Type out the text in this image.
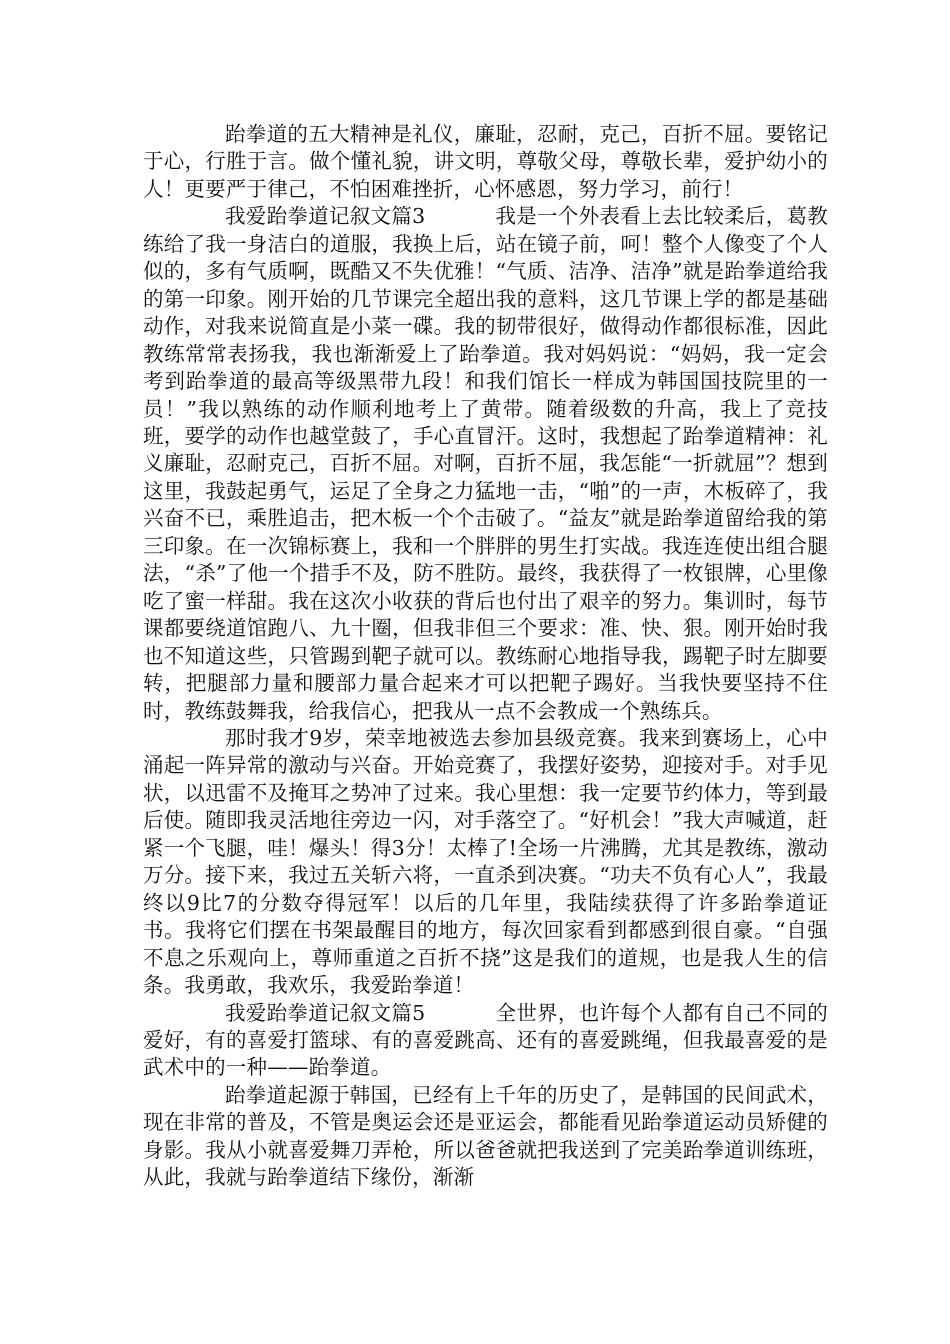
跆拳道的五大精神是礼仪，廉耻，忍耐，克己，百折不屈。要铭记于心，行胜于言。做个懂礼貌，讲文明，尊敬父母，尊敬长辈，爱护幼小的人！更要严于律己，不怕困难挫折，心怀感恩，努力学习，前行！

我爱跆拳道记叙文篇3	我是一个外表看上去比较柔后，葛教练给了我一身洁白的道服，我换上后，站在镜子前，呵！整个人像变了个人似的，多有气质啊，既酷又不失优雅！“气质、洁净、洁净”就是跆拳道给我的第一印象。刚开始的几节课完全超出我的意料，这几节课上学的都是基础动作，对我来说简直是小菜一碟。我的韧带很好，做得动作都很标准，因此教练常常表扬我，我也渐渐爱上了跆拳道。我对妈妈说：“妈妈，我一定会考到跆拳道的最高等级黑带九段！和我们馆长一样成为韩国国技院里的一员！”我以熟练的动作顺利地考上了黄带。随着级数的升高，我上了竞技班，要学的动作也越堂鼓了，手心直冒汗。这时，我想起了跆拳道精神：礼义廉耻，忍耐克己，百折不屈。对啊，百折不屈，我怎能“一折就屈”？想到这里，我鼓起勇气，运足了全身之力猛地一击，“啪”的一声，木板碎了，我兴奋不已，乘胜追击，把木板一个个击破了。“益友”就是跆拳道留给我的第三印象。在一次锦标赛上，我和一个胖胖的男生打实战。我连连使出组合腿法，“杀”了他一个措手不及，防不胜防。最终，我获得了一枚银牌，心里像吃了蜜一样甜。我在这次小收获的背后也付出了艰辛的努力。集训时，每节课都要绕道馆跑八、九十圈，但我非但三个要求：准、快、狠。刚开始时我也不知道这些，只管踢到靶子就可以。教练耐心地指导我，踢靶子时左脚要转，把腿部力量和腰部力量合起来才可以把靶子踢好。当我快要坚持不住时，教练鼓舞我，给我信心，把我从一点不会教成一个熟练兵。

那时我才9岁，荣幸地被选去参加县级竞赛。我来到赛场上，心中涌起一阵异常的激动与兴奋。开始竞赛了，我摆好姿势，迎接对手。对手见状，以迅雷不及掩耳之势冲了过来。我心里想：我一定要节约体力，等到最后使。随即我灵活地往旁边一闪，对手落空了。“好机会！”我大声喊道，赶紧一个飞腿，哇！爆头！得3分！太棒了!全场一片沸腾，尤其是教练，激动万分。接下来，我过五关斩六将，一直杀到决赛。“功夫不负有心人”，我最终以9比7的分数夺得冠军！以后的几年里，我陆续获得了许多跆拳道证书。我将它们摆在书架最醒目的地方，每次回家看到都感到很自豪。“自强不息之乐观向上，尊师重道之百折不挠”这是我们的道规，也是我人生的信条。我勇敢，我欢乐，我爱跆拳道！

我爱跆拳道记叙文篇5	全世界，也许每个人都有自己不同的爱好，有的喜爱打篮球、有的喜爱跳高、还有的喜爱跳绳，但我最喜爱的是武术中的一种——跆拳道。

跆拳道起源于韩国，已经有上千年的历史了，是韩国的民间武术，现在非常的普及，不管是奥运会还是亚运会，都能看见跆拳道运动员矫健的身影。我从小就喜爱舞刀弄枪，所以爸爸就把我送到了完美跆拳道训练班，从此，我就与跆拳道结下缘份，渐渐
